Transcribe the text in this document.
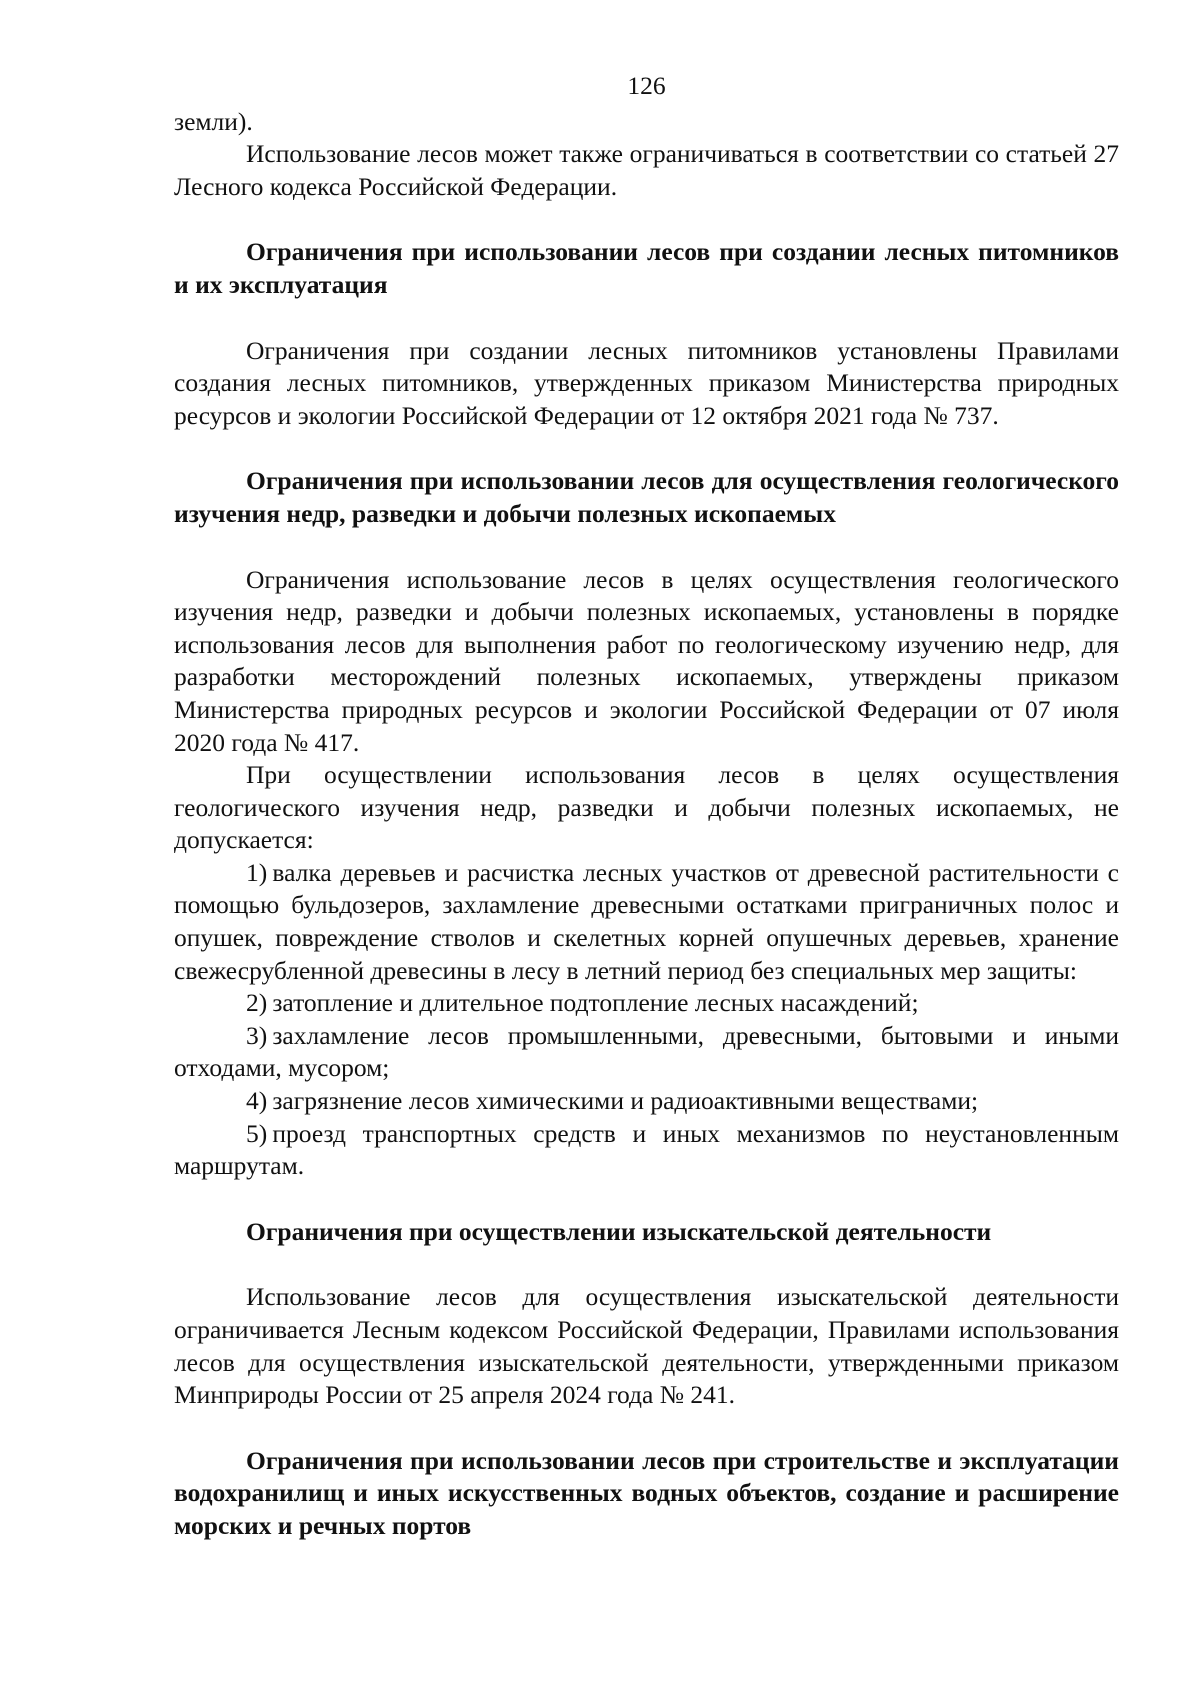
126

земли).

Использование лесов может также ограничиваться в соответствии со статьей 27 Лесного кодекса Российской Федерации.

Ограничения при использовании лесов при создании лесных питомников и их эксплуатация

Ограничения при создании лесных питомников установлены Правилами создания лесных питомников, утвержденных приказом Министерства природных ресурсов и экологии Российской Федерации от 12 октября 2021 года № 737.

Ограничения при использовании лесов для осуществления геологического изучения недр, разведки и добычи полезных ископаемых

Ограничения использование лесов в целях осуществления геологического изучения недр, разведки и добычи полезных ископаемых, установлены в порядке использования лесов для выполнения работ по геологическому изучению недр, для разработки месторождений полезных ископаемых, утверждены приказом Министерства природных ресурсов и экологии Российской Федерации от 07 июля 2020 года № 417.

При осуществлении использования лесов в целях осуществления геологического изучения недр, разведки и добычи полезных ископаемых, не допускается:

1) валка деревьев и расчистка лесных участков от древесной растительности с помощью бульдозеров, захламление древесными остатками приграничных полос и опушек, повреждение стволов и скелетных корней опушечных деревьев, хранение свежесрубленной древесины в лесу в летний период без специальных мер защиты:

2) затопление и длительное подтопление лесных насаждений;

3) захламление лесов промышленными, древесными, бытовыми и иными отходами, мусором;

4) загрязнение лесов химическими и радиоактивными веществами;

5) проезд транспортных средств и иных механизмов по неустановленным маршрутам.

Ограничения при осуществлении изыскательской деятельности

Использование лесов для осуществления изыскательской деятельности ограничивается Лесным кодексом Российской Федерации, Правилами использования лесов для осуществления изыскательской деятельности, утвержденными приказом Минприроды России от 25 апреля 2024 года № 241.

Ограничения при использовании лесов при строительстве и эксплуатации водохранилищ и иных искусственных водных объектов, создание и расширение морских и речных портов
